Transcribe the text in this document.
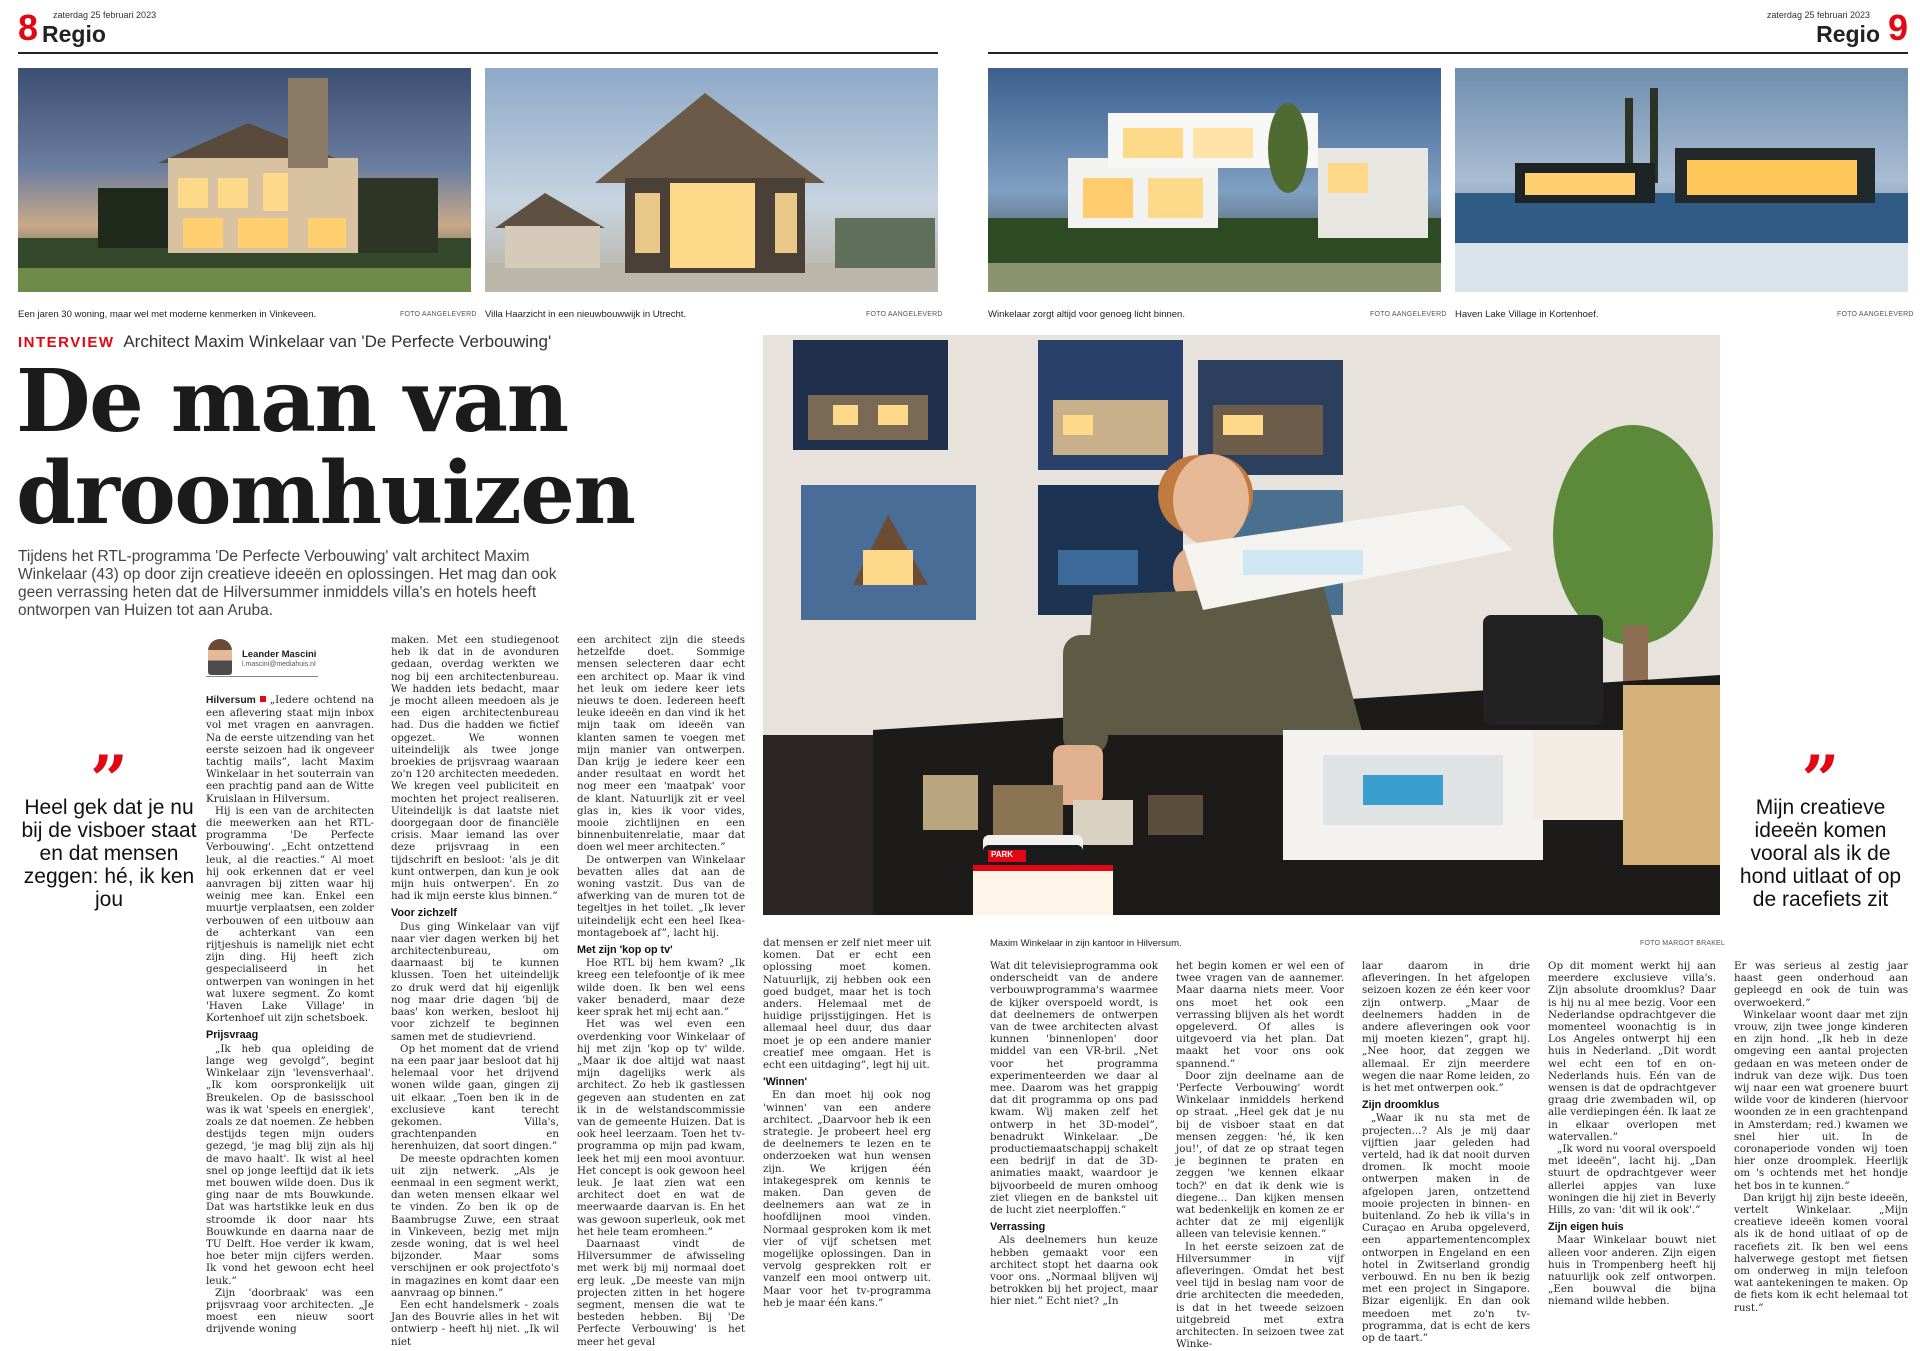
8 Regio
zaterdag 25 februari 2023	zaterdag 25 februari 2023
Regio 9
Een jaren 30 woning, maar wel met moderne kenmerken in Vinkeveen.	FOTO AANGELEVERD Villa Haarzicht in een nieuwbouwwijk in Utrecht.	FOTO AANGELEVERD	Winkelaar zorgt altijd voor genoeg licht binnen.	FOTO AANGELEVERD Haven Lake Village in Kortenhoef.	FOTO AANGELEVERD
INTERVIEW Architect Maxim Winkelaar van 'De Perfecte Verbouwing'
De man van
droomhuizen
Tijdens het RTL-programma 'De Perfecte Verbouwing' valt architect Maxim Winkelaar (43) op door zijn creatieve ideeën en oplossingen. Het mag dan ook geen verrassing heten dat de Hilversummer inmiddels villa's en hotels heeft ontworpen van Huizen tot aan Aruba.
Leander Mascini
l.mascini@mediahuis.nl
”
Heel gek dat je nu bij de visboer staat en dat mensen zeggen: hé, ik ken jou
”
Mijn creatieve ideeën komen vooral als ik de hond uitlaat of op de racefiets zit
PARK
Maxim Winkelaar in zijn kantoor in Hilversum.	FOTO MARGOT BRAKEL

Hilversum „Iedere ochtend na een aflevering staat mijn inbox vol met vragen en aanvragen. Na de eerste uitzending van het eerste seizoen had ik ongeveer tachtig mails”, lacht Maxim Winkelaar in het souterrain van een prachtig pand aan de Witte Kruislaan in Hilversum.

Hij is een van de architecten die meewerken aan het RTL-programma 'De Perfecte Verbouwing'. „Echt ontzettend leuk, al die reacties.” Al moet hij ook erkennen dat er veel aanvragen bij zitten waar hij weinig mee kan. Enkel een muurtje verplaatsen, een zolder verbouwen of een uitbouw aan de achterkant van een rijtjeshuis is namelijk niet echt zijn ding. Hij heeft zich gespecialiseerd in het ontwerpen van woningen in het wat luxere segment. Zo komt 'Haven Lake Village' in Kortenhoef uit zijn schetsboek.

Prijsvraag

„Ik heb qua opleiding de lange weg gevolgd”, begint Winkelaar zijn 'levensverhaal'. „Ik kom oorspronkelijk uit Breukelen. Op de basisschool was ik wat 'speels en energiek', zoals ze dat noemen. Ze hebben destijds tegen mijn ouders gezegd, 'je mag blij zijn als hij de mavo haalt'. Ik wist al heel snel op jonge leeftijd dat ik iets met bouwen wilde doen. Dus ik ging naar de mts Bouwkunde. Dat was hartstikke leuk en dus stroomde ik door naar hts Bouwkunde en daarna naar de TU Delft. Hoe verder ik kwam, hoe beter mijn cijfers werden. Ik vond het gewoon echt heel leuk.”

Zijn 'doorbraak' was een prijsvraag voor architecten. „Je moest een nieuw soort drijvende woning

maken. Met een studiegenoot heb ik dat in de avonduren gedaan, overdag werkten we nog bij een architectenbureau. We hadden iets bedacht, maar je mocht alleen meedoen als je een eigen architectenbureau had. Dus die hadden we fictief opgezet. We wonnen uiteindelijk als twee jonge broekies de prijsvraag waaraan zo'n 120 architecten meededen. We kregen veel publiciteit en mochten het project realiseren. Uiteindelijk is dat laatste niet doorgegaan door de financiële crisis. Maar iemand las over deze prijsvraag in een tijdschrift en besloot: 'als je dit kunt ontwerpen, dan kun je ook mijn huis ontwerpen'. En zo had ik mijn eerste klus binnen.”

Voor zichzelf

Dus ging Winkelaar van vijf naar vier dagen werken bij het architectenbureau, om daarnaast bij te kunnen klussen. Toen het uiteindelijk zo druk werd dat hij eigenlijk nog maar drie dagen 'bij de baas' kon werken, besloot hij voor zichzelf te beginnen samen met de studievriend.

Op het moment dat de vriend na een paar jaar besloot dat hij helemaal voor het drijvend wonen wilde gaan, gingen zij uit elkaar. „Toen ben ik in de exclusieve kant terecht gekomen. Villa's, grachtenpanden en herenhuizen, dat soort dingen.”

De meeste opdrachten komen uit zijn netwerk. „Als je eenmaal in een segment werkt, dan weten mensen elkaar wel te vinden. Zo ben ik op de Baambrugse Zuwe, een straat in Vinkeveen, bezig met mijn zesde woning, dat is wel heel bijzonder. Maar soms verschijnen er ook projectfoto's in magazines en komt daar een aanvraag op binnen.”

Een echt handelsmerk - zoals Jan des Bouvrie alles in het wit ontwierp - heeft hij niet. „Ik wil niet

een architect zijn die steeds hetzelfde doet. Sommige mensen selecteren daar echt een architect op. Maar ik vind het leuk om iedere keer iets nieuws te doen. Iedereen heeft leuke ideeën en dan vind ik het mijn taak om ideeën van klanten samen te voegen met mijn manier van ontwerpen. Dan krijg je iedere keer een ander resultaat en wordt het nog meer een 'maatpak' voor de klant. Natuurlijk zit er veel glas in, kies ik voor vides, mooie zichtlijnen en een binnenbuitenrelatie, maar dat doen wel meer architecten.”

De ontwerpen van Winkelaar bevatten alles dat aan de woning vastzit. Dus van de afwerking van de muren tot de tegeltjes in het toilet. „Ik lever uiteindelijk echt een heel Ikea-montageboek af”, lacht hij.

Met zijn 'kop op tv'

Hoe RTL bij hem kwam? „Ik kreeg een telefoontje of ik mee wilde doen. Ik ben wel eens vaker benaderd, maar deze keer sprak het mij echt aan.”

Het was wel even een overdenking voor Winkelaar of hij met zijn 'kop op tv' wilde. „Maar ik doe altijd wat naast mijn dagelijks werk als architect. Zo heb ik gastlessen gegeven aan studenten en zat ik in de welstandscommissie van de gemeente Huizen. Dat is ook heel leerzaam. Toen het tv-programma op mijn pad kwam, leek het mij een mooi avontuur. Het concept is ook gewoon heel leuk. Je laat zien wat een architect doet en wat de meerwaarde daarvan is. En het was gewoon superleuk, ook met het hele team eromheen.”

Daarnaast vindt de Hilversummer de afwisseling met werk bij mij normaal doet erg leuk. „De meeste van mijn projecten zitten in het hogere segment, mensen die wat te besteden hebben. Bij 'De Perfecte Verbouwing' is het meer het geval

dat mensen er zelf niet meer uit komen. Dat er echt een oplossing moet komen. Natuurlijk, zij hebben ook een goed budget, maar het is toch anders. Helemaal met de huidige prijsstijgingen. Het is allemaal heel duur, dus daar moet je op een andere manier creatief mee omgaan. Het is echt een uitdaging”, legt hij uit.

'Winnen'

En dan moet hij ook nog 'winnen' van een andere architect. „Daarvoor heb ik een strategie. Je probeert heel erg de deelnemers te lezen en te onderzoeken wat hun wensen zijn. We krijgen één intakegesprek om kennis te maken. Dan geven de deelnemers aan wat ze in hoofdlijnen mooi vinden. Normaal gesproken kom ik met vier of vijf schetsen met mogelijke oplossingen. Dan in vervolg gesprekken rolt er vanzelf een mooi ontwerp uit. Maar voor het tv-programma heb je maar één kans.”

Wat dit televisieprogramma ook onderscheidt van de andere verbouwprogramma's waarmee de kijker overspoeld wordt, is dat deelnemers de ontwerpen van de twee architecten alvast kunnen 'binnenlopen' door middel van een VR-bril. „Net voor het programma experimenteerden we daar al mee. Daarom was het grappig dat dit programma op ons pad kwam. Wij maken zelf het ontwerp in het 3D-model”, benadrukt Winkelaar. „De productiemaatschappij schakelt een bedrijf in dat de 3D-animaties maakt, waardoor je bijvoorbeeld de muren omhoog ziet vliegen en de bankstel uit de lucht ziet neerploffen.”

Verrassing

Als deelnemers hun keuze hebben gemaakt voor een architect stopt het daarna ook voor ons. „Normaal blijven wij betrokken bij het project, maar hier niet.” Echt niet? „In

het begin komen er wel een of twee vragen van de aannemer. Maar daarna niets meer. Voor ons moet het ook een verrassing blijven als het wordt opgeleverd. Of alles is uitgevoerd via het plan. Dat maakt het voor ons ook spannend.”

Door zijn deelname aan de 'Perfecte Verbouwing' wordt Winkelaar inmiddels herkend op straat. „Heel gek dat je nu bij de visboer staat en dat mensen zeggen: 'hé, ik ken jou!', of dat ze op straat tegen je beginnen te praten en zeggen 'we kennen elkaar toch?' en dat ik denk wie is diegene... Dan kijken mensen wat bedenkelijk en komen ze er achter dat ze mij eigenlijk alleen van televisie kennen.”

In het eerste seizoen zat de Hilversummer in vijf afleveringen. Omdat het best veel tijd in beslag nam voor de drie architecten die meededen, is dat in het tweede seizoen uitgebreid met extra architecten. In seizoen twee zat Winke-

laar daarom in drie afleveringen. In het afgelopen seizoen kozen ze één keer voor zijn ontwerp. „Maar de deelnemers hadden in de andere afleveringen ook voor mij moeten kiezen”, grapt hij. „Nee hoor, dat zeggen we allemaal. Er zijn meerdere wegen die naar Rome leiden, zo is het met ontwerpen ook.”

Zijn droomklus

„Waar ik nu sta met de projecten...? Als je mij daar vijftien jaar geleden had verteld, had ik dat nooit durven dromen. Ik mocht mooie ontwerpen maken in de afgelopen jaren, ontzettend mooie projecten in binnen- en buitenland. Zo heb ik villa's in Curaçao en Aruba opgeleverd, een appartementencomplex ontworpen in Engeland en een hotel in Zwitserland grondig verbouwd. En nu ben ik bezig met een project in Singapore. Bizar eigenlijk. En dan ook meedoen met zo'n tv-programma, dat is echt de kers op de taart.”

Op dit moment werkt hij aan meerdere exclusieve villa's. Zijn absolute droomklus? Daar is hij nu al mee bezig. Voor een Nederlandse opdrachtgever die momenteel woonachtig is in Los Angeles ontwerpt hij een huis in Nederland. „Dit wordt wel echt een tof en on-Nederlands huis. Eén van de wensen is dat de opdrachtgever graag drie zwembaden wil, op alle verdiepingen één. Ik laat ze in elkaar overlopen met watervallen.”

„Ik word nu vooral overspoeld met ideeën”, lacht hij. „Dan stuurt de opdrachtgever weer allerlei appjes van luxe woningen die hij ziet in Beverly Hills, zo van: 'dit wil ik ook'.”

Zijn eigen huis

Maar Winkelaar bouwt niet alleen voor anderen. Zijn eigen huis in Trompenberg heeft hij natuurlijk ook zelf ontworpen. „Een bouwval die bijna niemand wilde hebben.

Er was serieus al zestig jaar haast geen onderhoud aan gepleegd en ook de tuin was overwoekerd.”

Winkelaar woont daar met zijn vrouw, zijn twee jonge kinderen en zijn hond. „Ik heb in deze omgeving een aantal projecten gedaan en was meteen onder de indruk van deze wijk. Dus toen wij naar een wat groenere buurt wilde voor de kinderen (hiervoor woonden ze in een grachtenpand in Amsterdam; red.) kwamen we snel hier uit. In de coronaperiode vonden wij toen hier onze droomplek. Heerlijk om 's ochtends met het hondje het bos in te kunnen.”

Dan krijgt hij zijn beste ideeën, vertelt Winkelaar. „Mijn creatieve ideeën komen vooral als ik de hond uitlaat of op de racefiets zit. Ik ben wel eens halverwege gestopt met fietsen om onderweg in mijn telefoon wat aantekeningen te maken. Op de fiets kom ik echt helemaal tot rust.”
